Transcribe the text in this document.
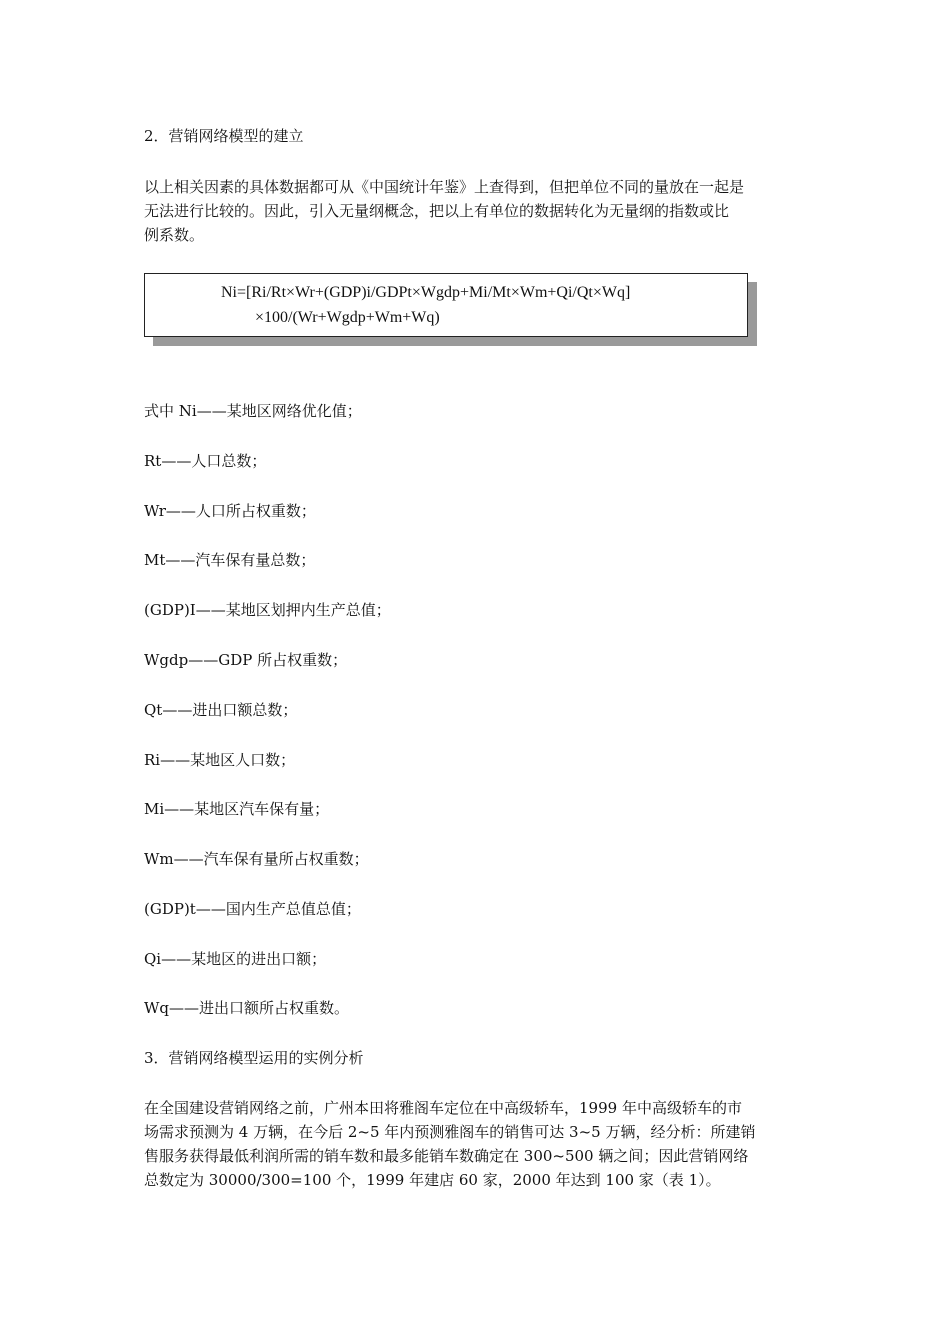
2．营销网络模型的建立

以上相关因素的具体数据都可从《中国统计年鉴》上查得到，但把单位不同的量放在一起是

无法进行比较的。因此，引入无量纲概念，把以上有单位的数据转化为无量纲的指数或比

例系数。

Ni=[Ri/Rt×Wr+(GDP)i/GDPt×Wgdp+Mi/Mt×Wm+Qi/Qt×Wq]
×100/(Wr+Wgdp+Wm+Wq)
式中 Ni——某地区网络优化值；
Rt——人口总数；
Wr——人口所占权重数；
Mt——汽车保有量总数；
(GDP)I——某地区划押内生产总值；
Wgdp——GDP 所占权重数；
Qt——进出口额总数；
Ri——某地区人口数；
Mi——某地区汽车保有量；
Wm——汽车保有量所占权重数；
(GDP)t——国内生产总值总值；
Qi——某地区的进出口额；
Wq——进出口额所占权重数。
3．营销网络模型运用的实例分析

在全国建设营销网络之前，广州本田将雅阁车定位在中高级轿车，1999 年中高级轿车的市

场需求预测为 4 万辆，在今后 2~5 年内预测雅阁车的销售可达 3~5 万辆，经分析：所建销

售服务获得最低利润所需的销车数和最多能销车数确定在 300~500 辆之间；因此营销网络

总数定为 30000/300=100 个，1999 年建店 60 家，2000 年达到 100 家（表 1）。
